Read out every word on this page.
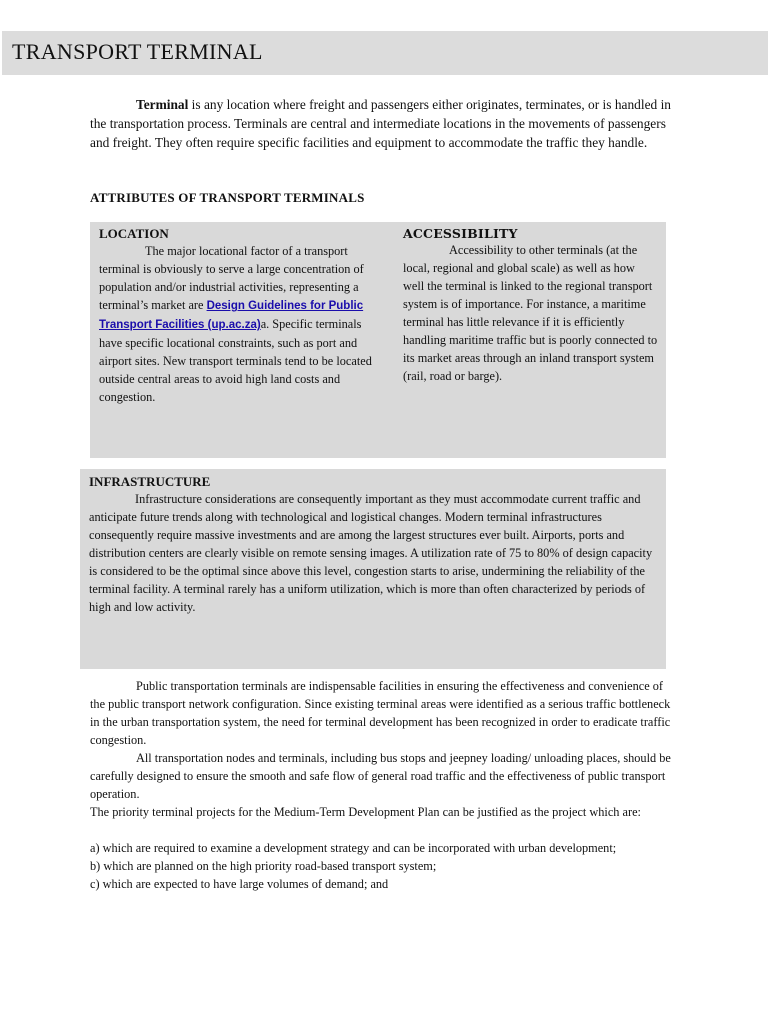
TRANSPORT TERMINAL
Terminal is any location where freight and passengers either originates, terminates, or is handled in the transportation process. Terminals are central and intermediate locations in the movements of passengers and freight. They often require specific facilities and equipment to accommodate the traffic they handle.
ATTRIBUTES OF TRANSPORT TERMINALS
LOCATION

The major locational factor of a transport terminal is obviously to serve a large concentration of population and/or industrial activities, representing a terminal’s market are Design Guidelines for Public Transport Facilities (up.ac.za)a. Specific terminals have specific locational constraints, such as port and airport sites. New transport terminals tend to be located outside central areas to avoid high land costs and congestion.

ACCESSIBILITY

Accessibility to other terminals (at the local, regional and global scale) as well as how well the terminal is linked to the regional transport system is of importance. For instance, a maritime terminal has little relevance if it is efficiently handling maritime traffic but is poorly connected to its market areas through an inland transport system (rail, road or barge).

INFRASTRUCTURE

Infrastructure considerations are consequently important as they must accommodate current traffic and anticipate future trends along with technological and logistical changes. Modern terminal infrastructures consequently require massive investments and are among the largest structures ever built. Airports, ports and distribution centers are clearly visible on remote sensing images. A utilization rate of 75 to 80% of design capacity is considered to be the optimal since above this level, congestion starts to arise, undermining the reliability of the terminal facility. A terminal rarely has a uniform utilization, which is more than often characterized by periods of high and low activity.

Public transportation terminals are indispensable facilities in ensuring the effectiveness and convenience of the public transport network configuration. Since existing terminal areas were identified as a serious traffic bottleneck in the urban transportation system, the need for terminal development has been recognized in order to eradicate traffic congestion.

All transportation nodes and terminals, including bus stops and jeepney loading/ unloading places, should be carefully designed to ensure the smooth and safe flow of general road traffic and the effectiveness of public transport operation.

The priority terminal projects for the Medium-Term Development Plan can be justified as the project which are:

a) which are required to examine a development strategy and can be incorporated with urban development;

b) which are planned on the high priority road-based transport system;

c) which are expected to have large volumes of demand; and
